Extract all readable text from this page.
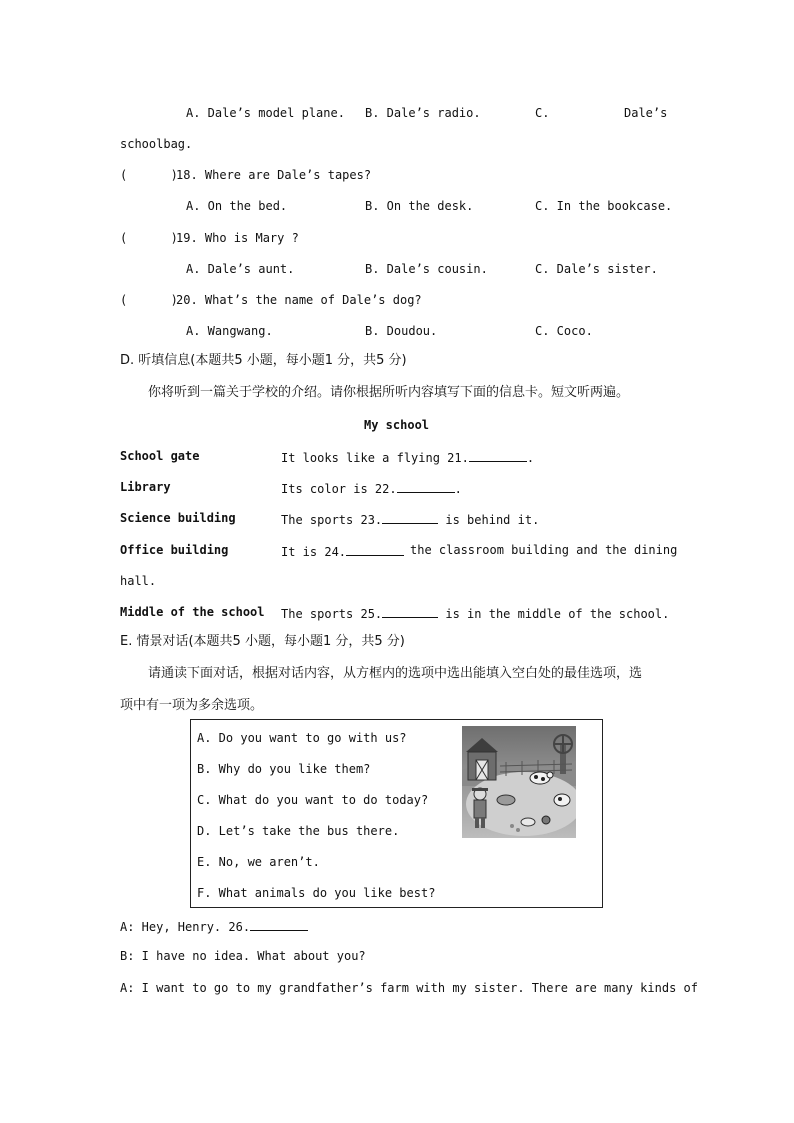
A. Dale’s model plane. B. Dale’s radio.	C.	Dale’s
schoolbag.
(      )
18. Where are Dale’s tapes?
A. On the bed.	B. On the desk.	C. In the bookcase.
(      )
19. Who is Mary ?
A. Dale’s aunt.	B. Dale’s cousin.	C. Dale’s sister.
(      )
20. What’s the name of Dale’s dog?
A. Wangwang.	B. Doudou.	C. Coco.
D. 听填信息(本题共5 小题，每小题1 分，共5 分)
你将听到一篇关于学校的介绍。请你根据所听内容填写下面的信息卡。短文听两遍。
My school
School gate	It looks like a flying 21.	.
Library	Its color is 22.	.
Science building	The sports 23.	is behind it.
Office building	It is 24.	the classroom building and the dining
hall.
Middle of the school The sports 25.	is in the middle of the school.
E. 情景对话(本题共5 小题，每小题1 分，共5 分)
请通读下面对话，根据对话内容，从方框内的选项中选出能填入空白处的最佳选项，选
项中有一项为多余选项。
A. Do you want to go with us?
B. Why do you like them?
C. What do you want to do today?
D. Let’s take the bus there.
E. No, we aren’t.
F. What animals do you like best?
A: Hey, Henry. 26.
B: I have no idea. What about you?
A: I want to go to my grandfather’s farm with my sister. There are many kinds of
